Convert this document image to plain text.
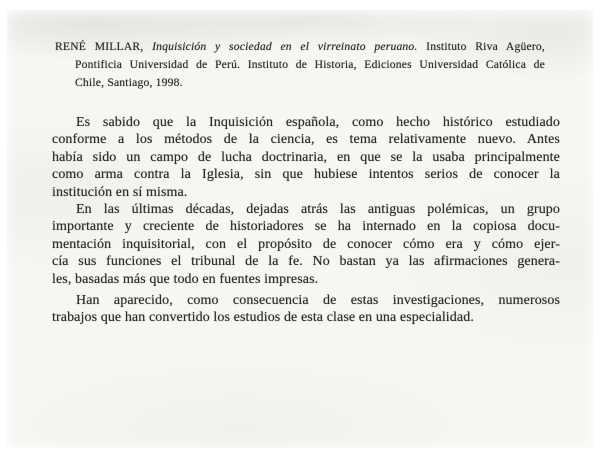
RENÉ MILLAR, Inquisición y sociedad en el virreinato peruano. Instituto Riva Agüero,
Pontificia Universidad de Perú. Instituto de Historia, Ediciones Universidad Católica de
Chile, Santiago, 1998.
Es sabido que la Inquisición española, como hecho histórico estudiado
conforme a los métodos de la ciencia, es tema relativamente nuevo. Antes
había sido un campo de lucha doctrinaria, en que se la usaba principalmente
como arma contra la Iglesia, sin que hubiese intentos serios de conocer la
institución en sí misma.
En las últimas décadas, dejadas atrás las antiguas polémicas, un grupo
importante y creciente de historiadores se ha internado en la copiosa docu-
mentación inquisitorial, con el propósito de conocer cómo era y cómo ejer-
cía sus funciones el tribunal de la fe. No bastan ya las afirmaciones genera-
les, basadas más que todo en fuentes impresas.
Han aparecido, como consecuencia de estas investigaciones, numerosos
trabajos que han convertido los estudios de esta clase en una especialidad.
